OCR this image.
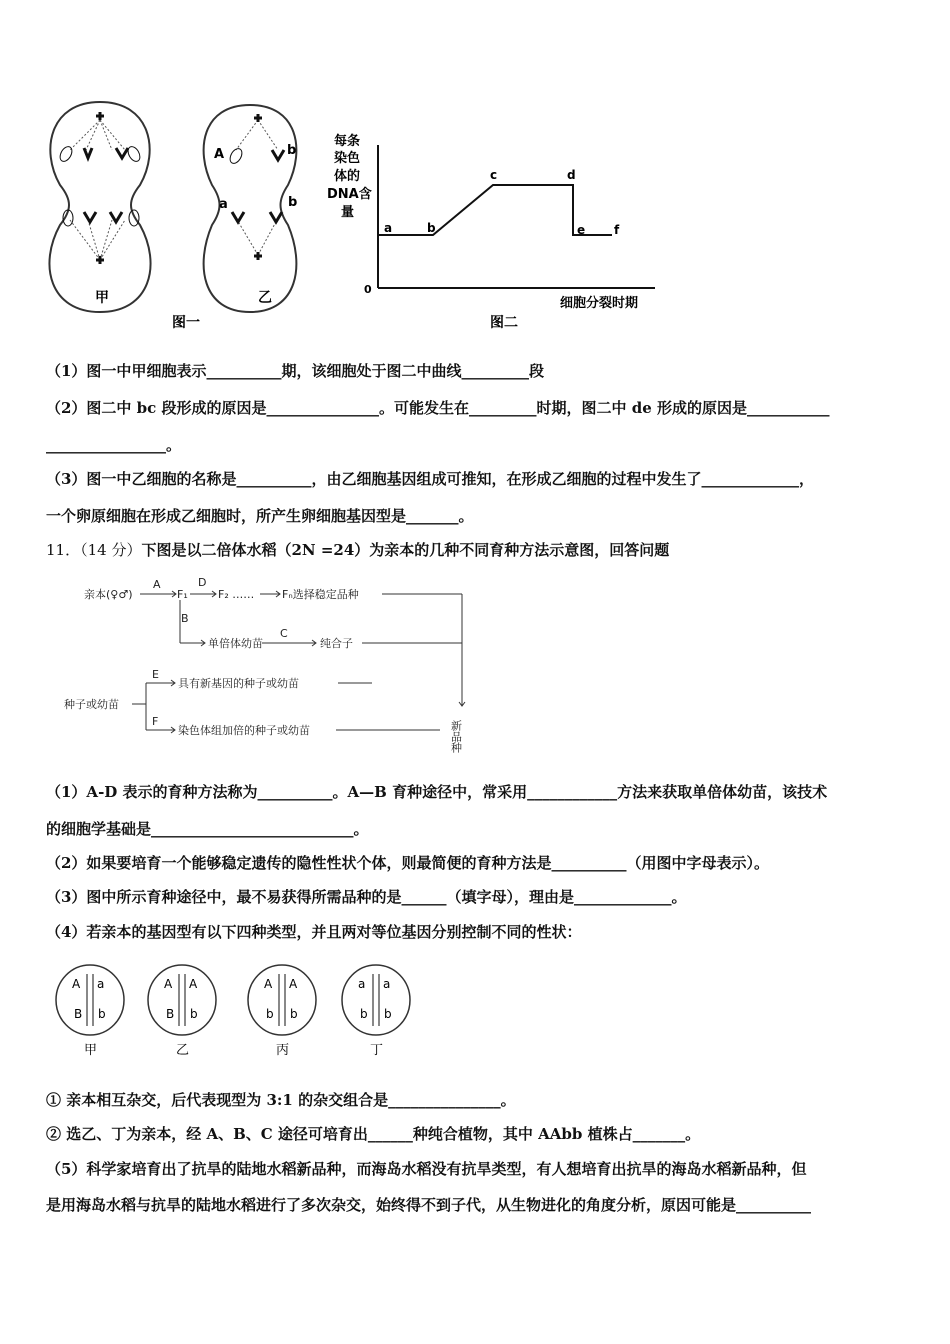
甲
A	b
a	b
乙
图一
每条
染色
体的
DNA含
量
0
a	b
c	d
e f
细胞分裂时期
图二
（1）图一中甲细胞表示__________期，该细胞处于图二中曲线_________段
（2）图二中 bc 段形成的原因是_______________。可能发生在_________时期，图二中 de 形成的原因是___________
________________。
（3）图一中乙细胞的名称是__________，由乙细胞基因组成可推知，在形成乙细胞的过程中发生了_____________，
一个卵原细胞在形成乙细胞时，所产生卵细胞基因型是_______。
11．（14 分）下图是以二倍体水稻（2N =24）为亲本的几种不同育种方法示意图，回答问题
亲本(♀♂)
A
F₁
D
F₂ ……	Fₙ选择稳定品种
B
单倍体幼苗
C
纯合子
种子或幼苗
E
具有新基因的种子或幼苗
F
染色体组加倍的种子或幼苗	新品种
（1）A-D 表示的育种方法称为__________。A—B 育种途径中，常采用____________方法来获取单倍体幼苗，该技术
的细胞学基础是___________________________。
（2）如果要培育一个能够稳定遗传的隐性性状个体，则最简便的育种方法是__________（用图中字母表示）。
（3）图中所示育种途径中，最不易获得所需品种的是______（填字母），理由是_____________。
（4）若亲本的基因型有以下四种类型，并且两对等位基因分别控制不同的性状：
A a
B b
甲
A A
B b
乙
A A
b b
丙
a a
b b
丁
① 亲本相互杂交，后代表现型为 3:1 的杂交组合是_______________。
② 选乙、丁为亲本，经 A、B、C 途径可培育出______种纯合植物，其中 AAbb 植株占_______。
（5）科学家培育出了抗旱的陆地水稻新品种，而海岛水稻没有抗旱类型，有人想培育出抗旱的海岛水稻新品种，但
是用海岛水稻与抗旱的陆地水稻进行了多次杂交，始终得不到子代，从生物进化的角度分析，原因可能是__________
